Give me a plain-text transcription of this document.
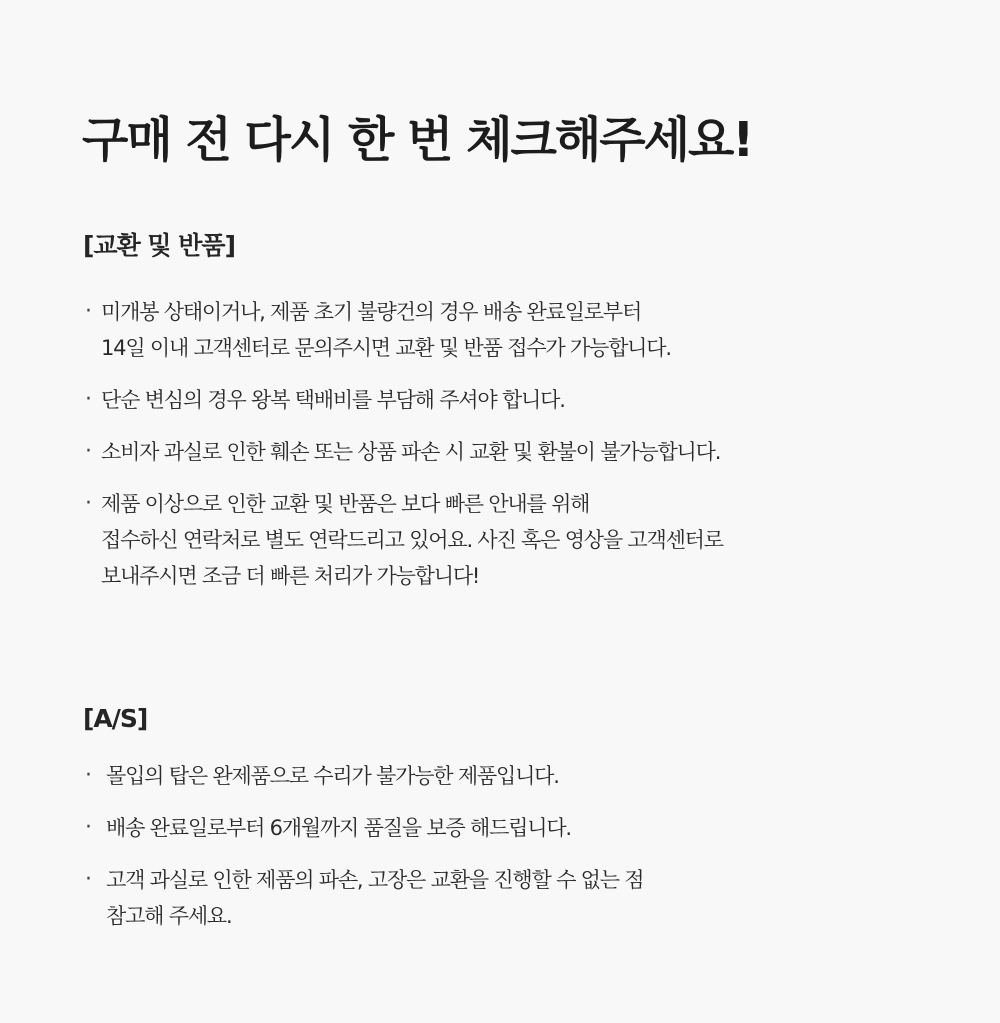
구매 전 다시 한 번 체크해주세요!
[교환 및 반품]
· 미개봉 상태이거나, 제품 초기 불량건의 경우 배송 완료일로부터
14일 이내 고객센터로 문의주시면 교환 및 반품 접수가 가능합니다.
· 단순 변심의 경우 왕복 택배비를 부담해 주셔야 합니다.
· 소비자 과실로 인한 훼손 또는 상품 파손 시 교환 및 환불이 불가능합니다.
· 제품 이상으로 인한 교환 및 반품은 보다 빠른 안내를 위해
접수하신 연락처로 별도 연락드리고 있어요. 사진 혹은 영상을 고객센터로
보내주시면 조금 더 빠른 처리가 가능합니다!
[A/S]
· 몰입의 탑은 완제품으로 수리가 불가능한 제품입니다.
· 배송 완료일로부터 6개월까지 품질을 보증 해드립니다.
· 고객 과실로 인한 제품의 파손, 고장은 교환을 진행할 수 없는 점
참고해 주세요.
